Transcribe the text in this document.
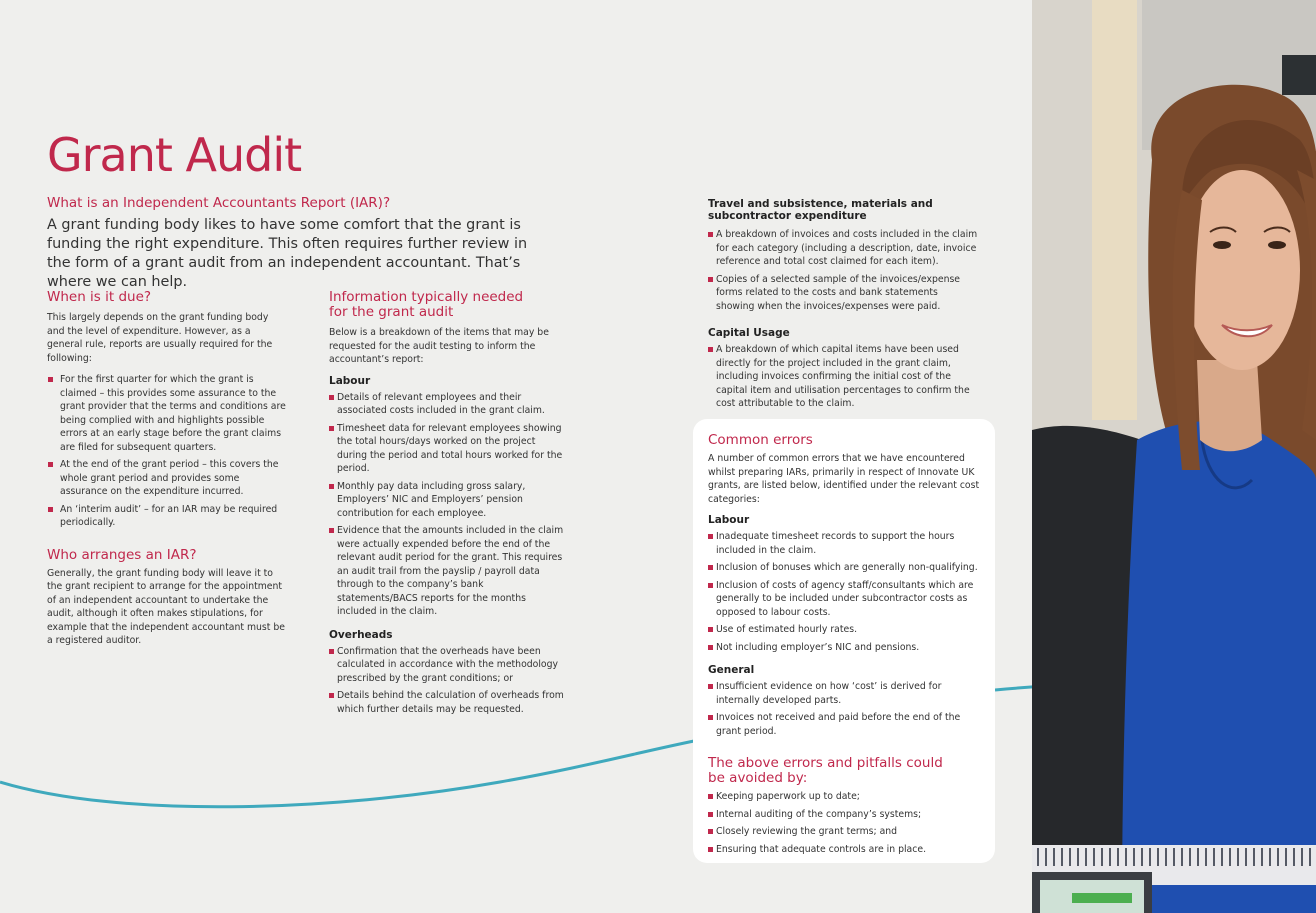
Grant Audit
What is an Independent Accountants Report (IAR)?

A grant funding body likes to have some comfort that the grant is funding the right expenditure. This often requires further review in the form of a grant audit from an independent accountant. That’s where we can help.

When is it due?

This largely depends on the grant funding body and the level of expenditure. However, as a general rule, reports are usually required for the following:

For the first quarter for which the grant is claimed – this provides some assurance to the grant provider that the terms and conditions are being complied with and highlights possible errors at an early stage before the grant claims are filed for subsequent quarters.
At the end of the grant period – this covers the whole grant period and provides some assurance on the expenditure incurred.
An ‘interim audit’ – for an IAR may be required periodically.
Who arranges an IAR?

Generally, the grant funding body will leave it to the grant recipient to arrange for the appointment of an independent accountant to undertake the audit, although it often makes stipulations, for example that the independent accountant must be a registered auditor.

Information typically needed
for the grant audit

Below is a breakdown of the items that may be requested for the audit testing to inform the accountant’s report:

Labour
Details of relevant employees and their associated costs included in the grant claim.
Timesheet data for relevant employees showing the total hours/days worked on the project during the period and total hours worked for the period.
Monthly pay data including gross salary, Employers’ NIC and Employers’ pension contribution for each employee.
Evidence that the amounts included in the claim were actually expended before the end of the relevant audit period for the grant. This requires an audit trail from the payslip / payroll data through to the company’s bank statements/BACS reports for the months included in the claim.
Overheads
Confirmation that the overheads have been calculated in accordance with the methodology prescribed by the grant conditions; or
Details behind the calculation of overheads from which further details may be requested.
Travel and subsistence, materials and subcontractor expenditure
A breakdown of invoices and costs included in the claim for each category (including a description, date, invoice reference and total cost claimed for each item).
Copies of a selected sample of the invoices/expense forms related to the costs and bank statements showing when the invoices/expenses were paid.
Capital Usage
A breakdown of which capital items have been used directly for the project included in the grant claim, including invoices confirming the initial cost of the capital item and utilisation percentages to confirm the cost attributable to the claim.
Common errors

A number of common errors that we have encountered whilst preparing IARs, primarily in respect of Innovate UK grants, are listed below, identified under the relevant cost categories:

Labour
Inadequate timesheet records to support the hours included in the claim.
Inclusion of bonuses which are generally non-qualifying.
Inclusion of costs of agency staff/consultants which are generally to be included under subcontractor costs as opposed to labour costs.
Use of estimated hourly rates.
Not including employer’s NIC and pensions.
General
Insufficient evidence on how ‘cost’ is derived for internally developed parts.
Invoices not received and paid before the end of the grant period.
The above errors and pitfalls could
be avoided by:
Keeping paperwork up to date;
Internal auditing of the company’s systems;
Closely reviewing the grant terms; and
Ensuring that adequate controls are in place.
